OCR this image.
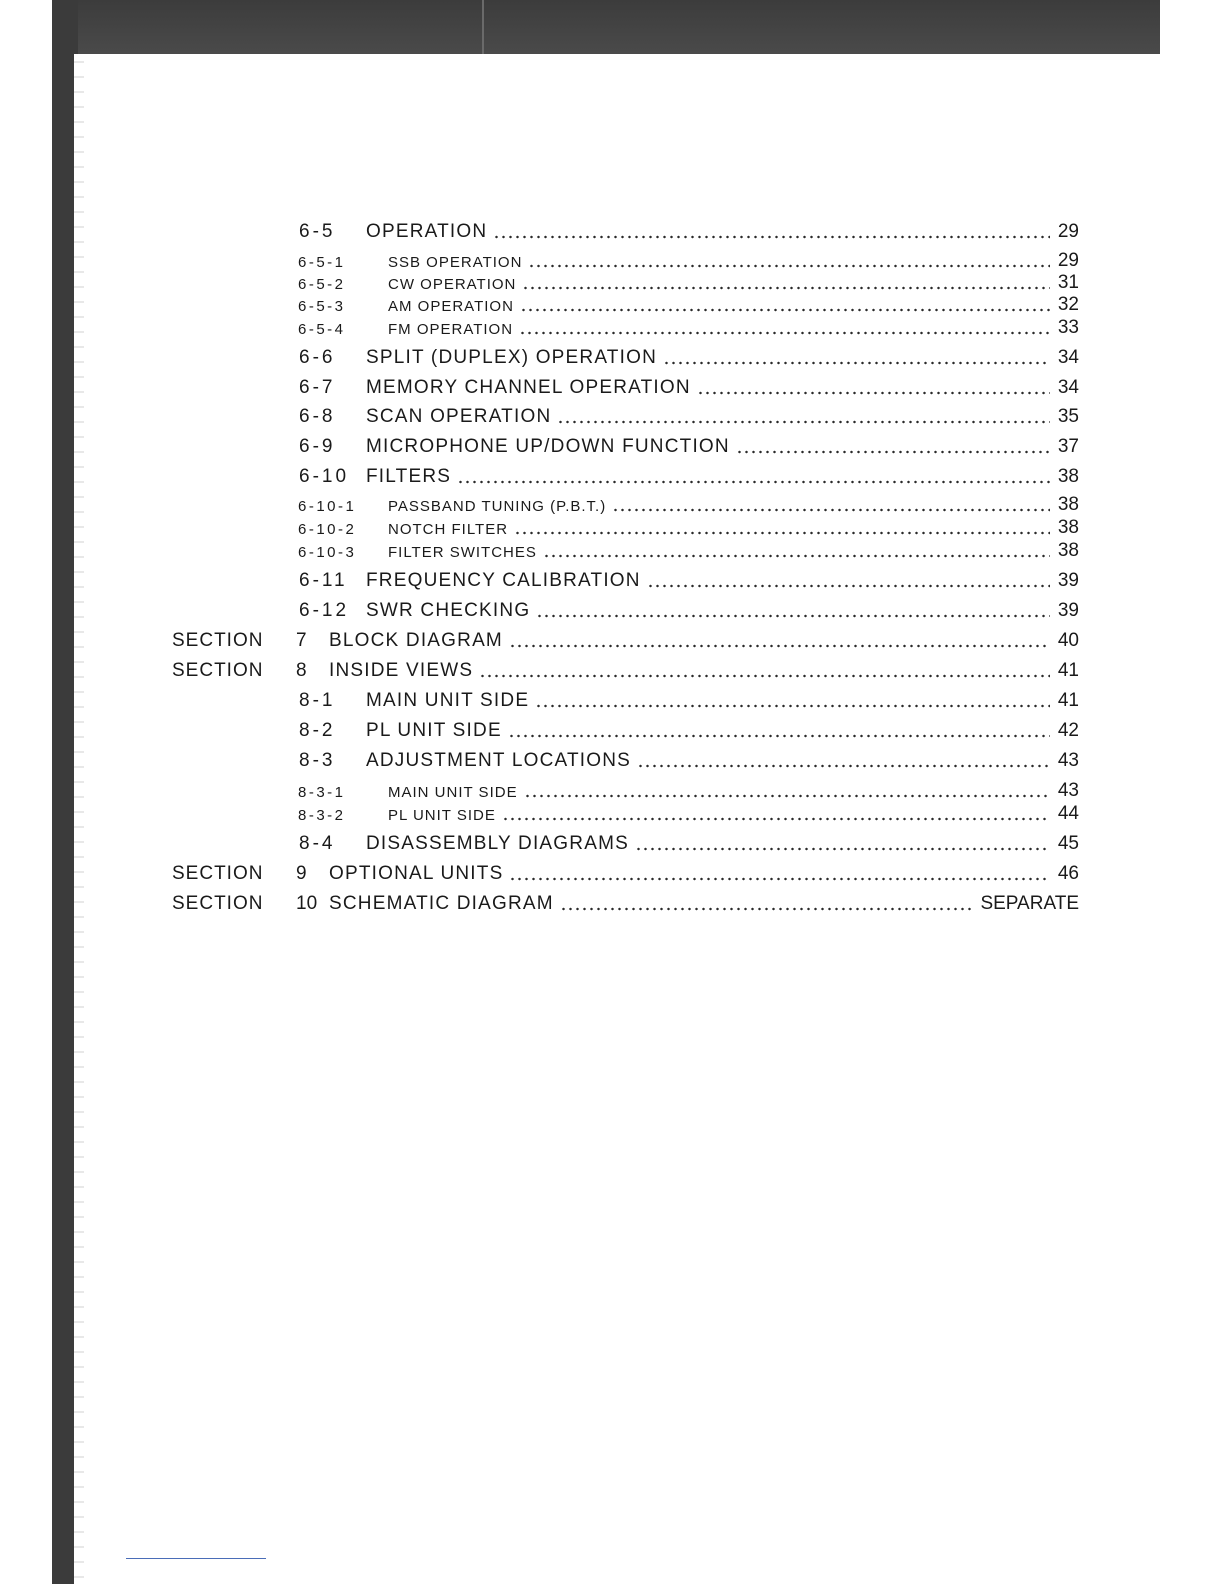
6-5 OPERATION	29
6-5-1	SSB OPERATION	29
6-5-2	CW OPERATION	31
6-5-3	AM OPERATION	32
6-5-4	FM OPERATION	33
6-6 SPLIT (DUPLEX) OPERATION	34
6-7 MEMORY CHANNEL OPERATION	34
6-8 SCAN OPERATION	35
6-9 MICROPHONE UP/DOWN FUNCTION	37
6-10 FILTERS	38
6-10-1 PASSBAND TUNING (P.B.T.)	38
6-10-2 NOTCH FILTER	38
6-10-3 FILTER SWITCHES	38
6-11 FREQUENCY CALIBRATION	39
6-12 SWR CHECKING	39
SECTION 7 BLOCK DIAGRAM	40
SECTION 8 INSIDE VIEWS	41
8-1 MAIN UNIT SIDE	41
8-2 PL UNIT SIDE	42
8-3 ADJUSTMENT LOCATIONS	43
8-3-1	MAIN UNIT SIDE	43
8-3-2	PL UNIT SIDE	44
8-4 DISASSEMBLY DIAGRAMS	45
SECTION 9 OPTIONAL UNITS	46
SECTION 10 SCHEMATIC DIAGRAM	SEPARATE
